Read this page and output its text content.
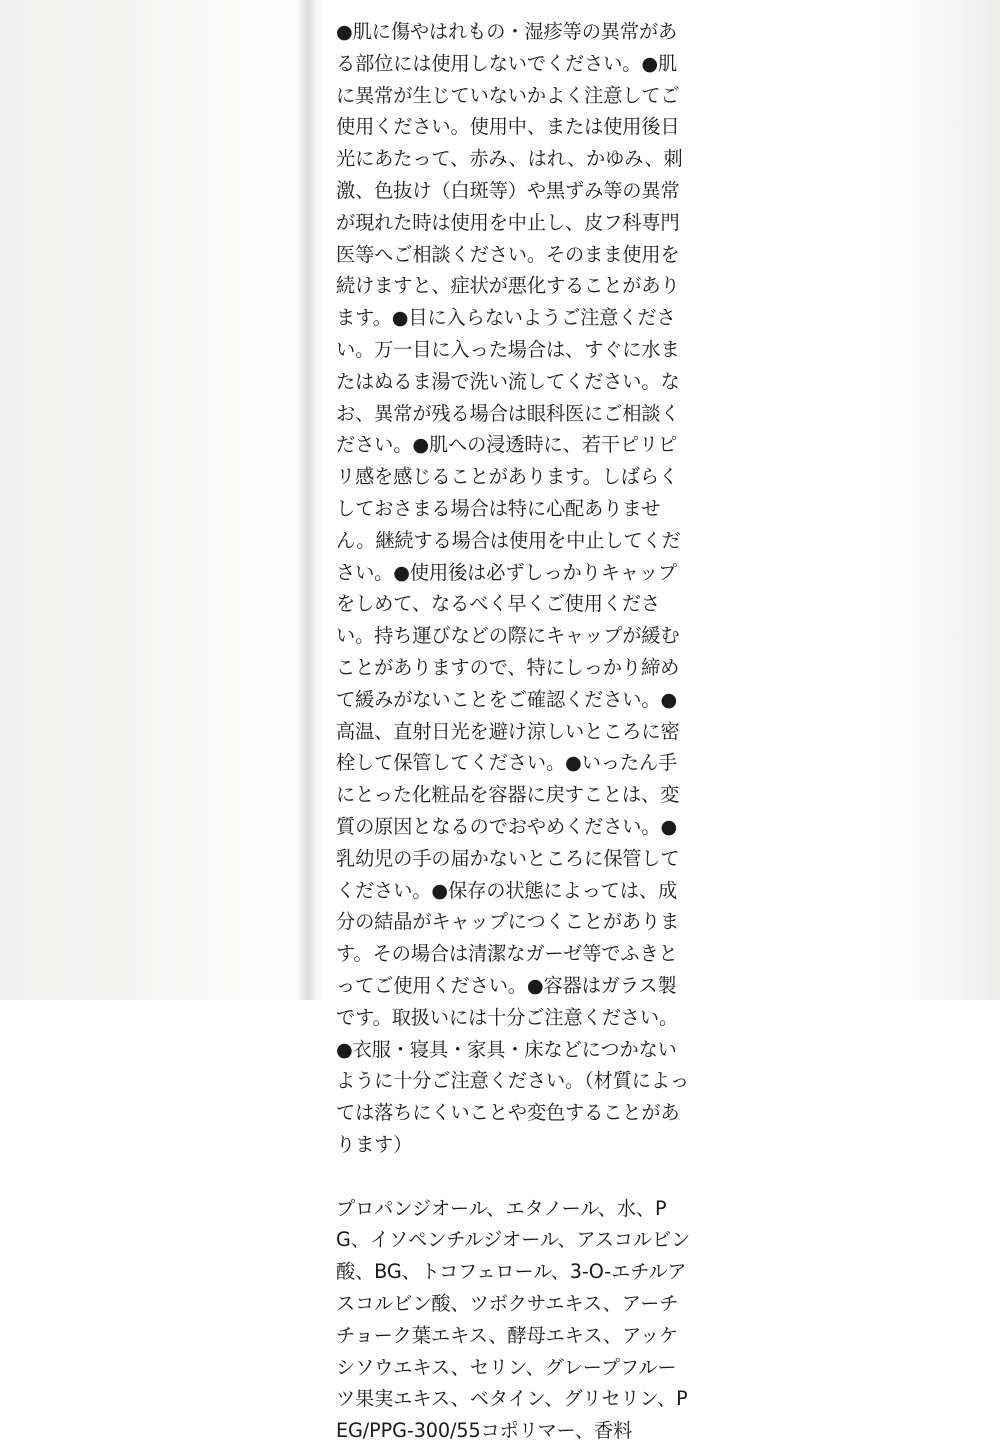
●肌に傷やはれもの・湿疹等の異常がある部位には使用しないでください。●肌に異常が生じていないかよく注意してご使用ください。使用中、または使用後日光にあたって、赤み、はれ、かゆみ、刺激、色抜け（白斑等）や黒ずみ等の異常が現れた時は使用を中止し、皮フ科専門医等へご相談ください。そのまま使用を続けますと、症状が悪化することがあります。●目に入らないようご注意ください。万一目に入った場合は、すぐに水またはぬるま湯で洗い流してください。なお、異常が残る場合は眼科医にご相談ください。●肌への浸透時に、若干ピリピリ感を感じることがあります。しばらくしておさまる場合は特に心配ありません。継続する場合は使用を中止してください。●使用後は必ずしっかりキャップをしめて、なるべく早くご使用ください。持ち運びなどの際にキャップが緩むことがありますので、特にしっかり締めて緩みがないことをご確認ください。●高温、直射日光を避け涼しいところに密栓して保管してください。●いったん手にとった化粧品を容器に戻すことは、変質の原因となるのでおやめください。●乳幼児の手の届かないところに保管してください。●保存の状態によっては、成分の結晶がキャップにつくことがあります。その場合は清潔なガーゼ等でふきとってご使用ください。●容器はガラス製です。取扱いには十分ご注意ください。●衣服・寝具・家具・床などにつかないように十分ご注意ください。（材質によっては落ちにくいことや変色することがあります）

プロパンジオール、エタノール、水、PG、イソペンチルジオール、アスコルビン酸、BG、トコフェロール、3-O-エチルアスコルビン酸、ツボクサエキス、アーチチョーク葉エキス、酵母エキス、アッケシソウエキス、セリン、グレープフルーツ果実エキス、ベタイン、グリセリン、PEG/PPG-300/55コポリマー、香料
